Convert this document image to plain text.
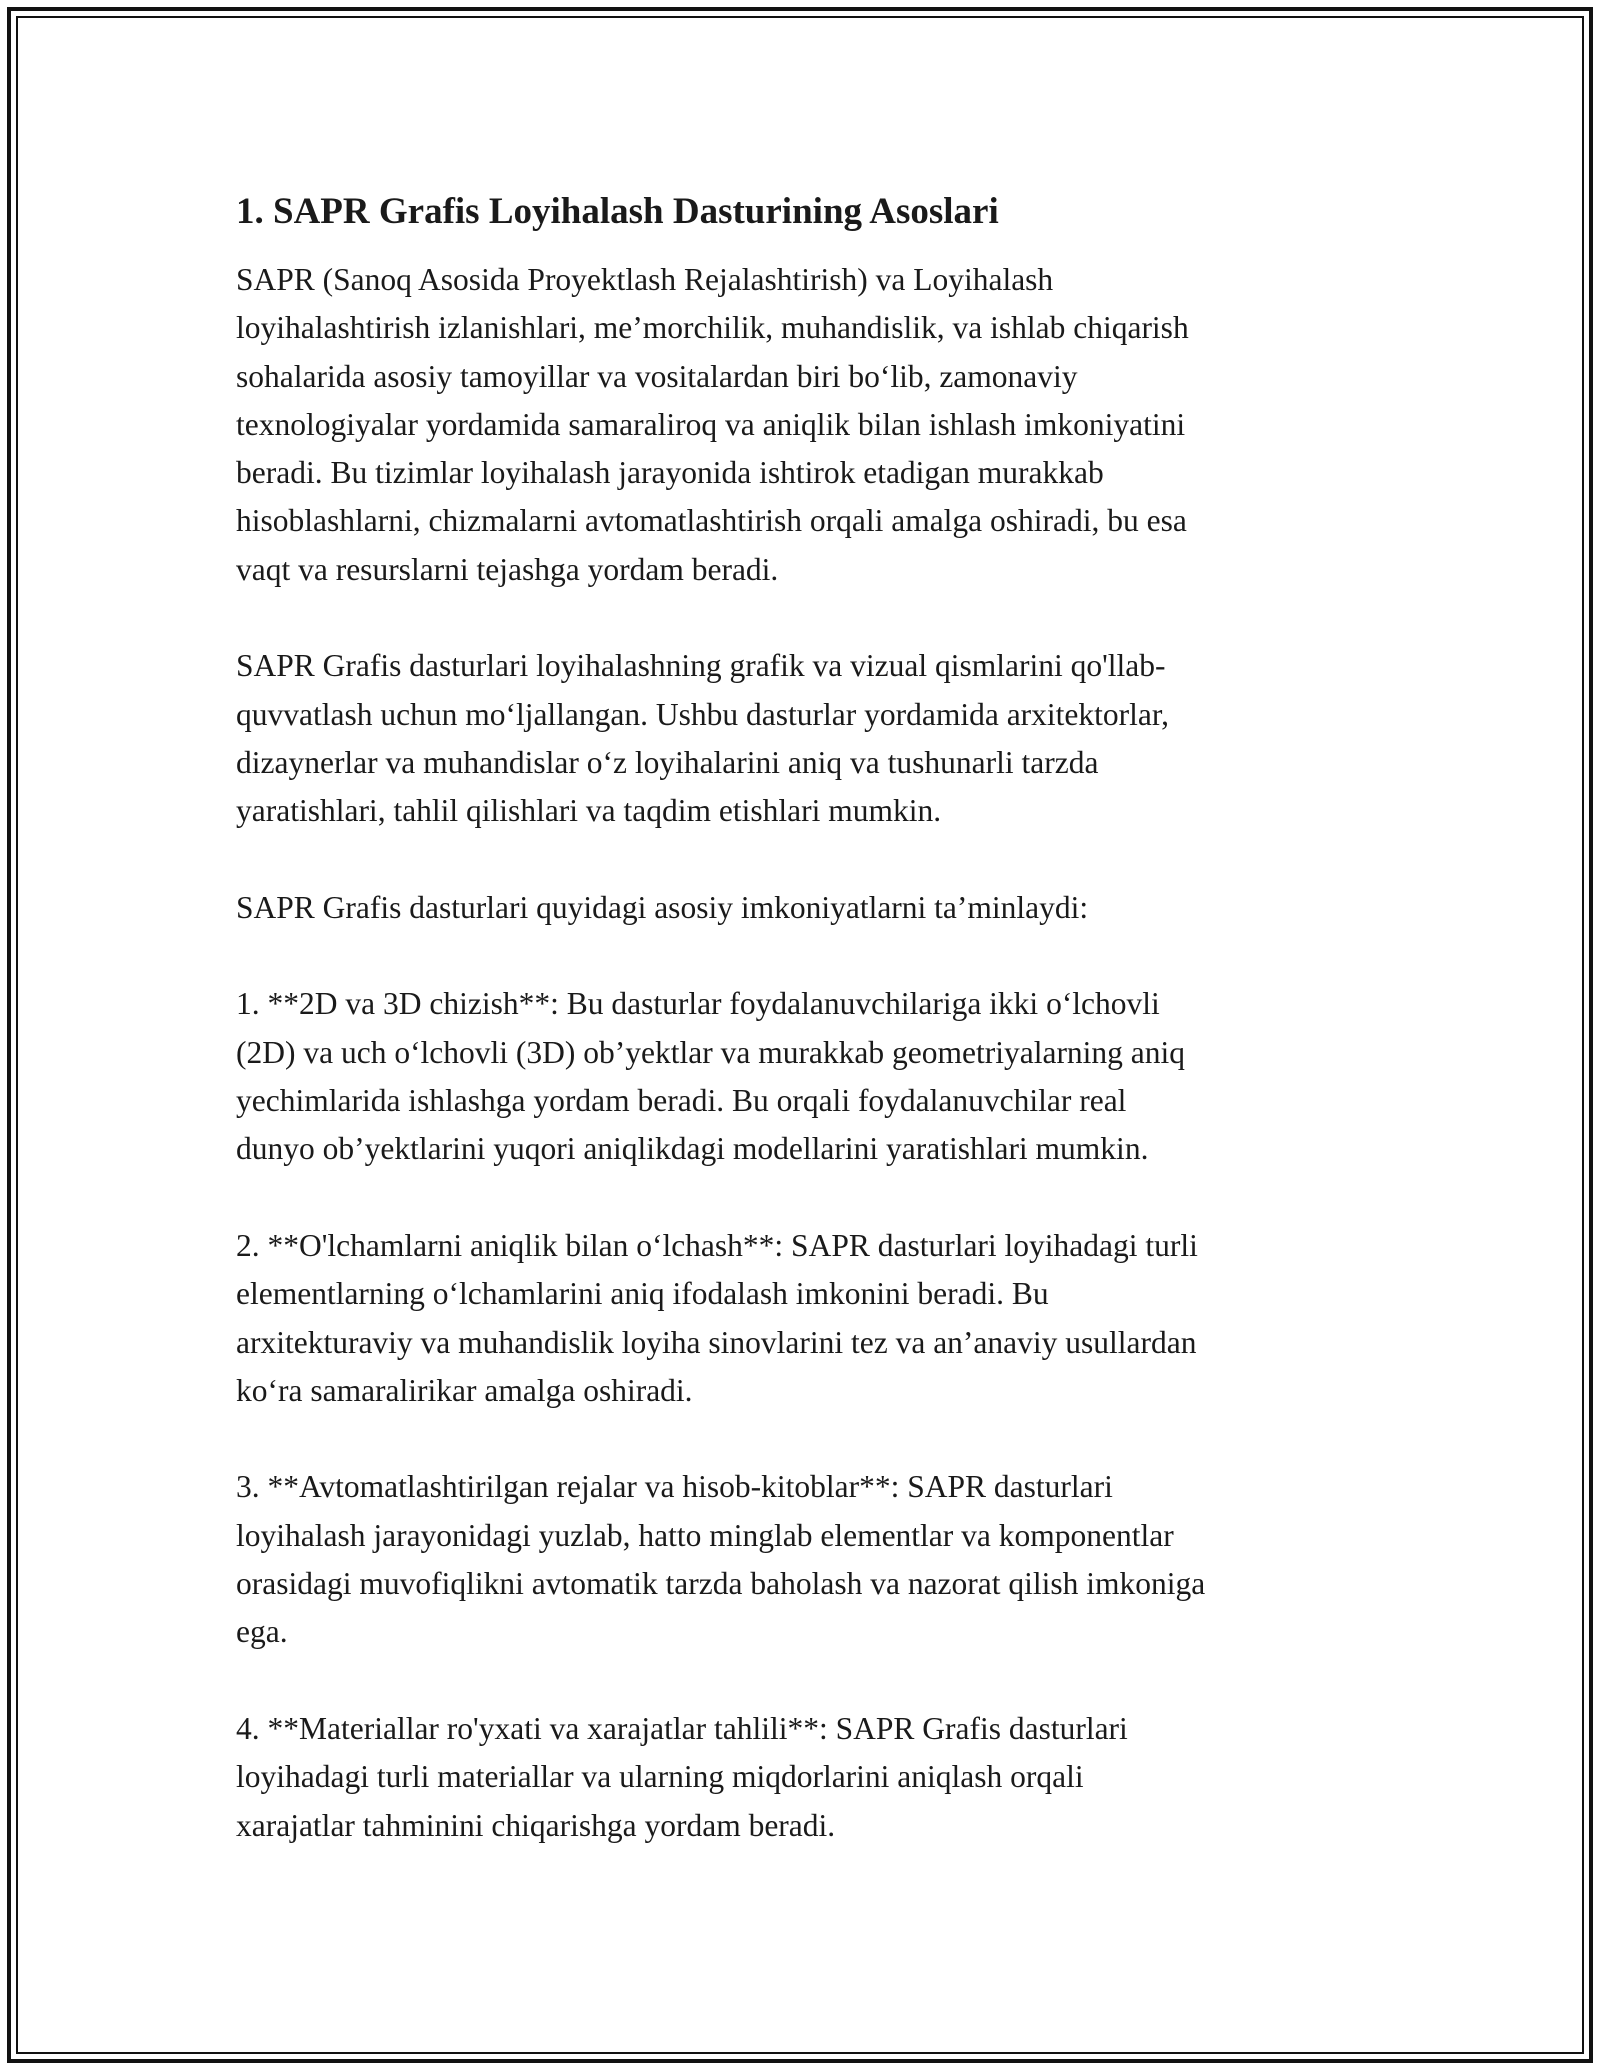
1. SAPR Grafis Loyihalash Dasturining Asoslari

SAPR (Sanoq Asosida Proyektlash Rejalashtirish) va Loyihalash
loyihalashtirish izlanishlari, me’morchilik, muhandislik, va ishlab chiqarish
sohalarida asosiy tamoyillar va vositalardan biri bo‘lib, zamonaviy
texnologiyalar yordamida samaraliroq va aniqlik bilan ishlash imkoniyatini
beradi. Bu tizimlar loyihalash jarayonida ishtirok etadigan murakkab
hisoblashlarni, chizmalarni avtomatlashtirish orqali amalga oshiradi, bu esa
vaqt va resurslarni tejashga yordam beradi.

SAPR Grafis dasturlari loyihalashning grafik va vizual qismlarini qo'llab-
quvvatlash uchun mo‘ljallangan. Ushbu dasturlar yordamida arxitektorlar,
dizaynerlar va muhandislar o‘z loyihalarini aniq va tushunarli tarzda
yaratishlari, tahlil qilishlari va taqdim etishlari mumkin.

SAPR Grafis dasturlari quyidagi asosiy imkoniyatlarni ta’minlaydi:

1. **2D va 3D chizish**: Bu dasturlar foydalanuvchilariga ikki o‘lchovli
(2D) va uch o‘lchovli (3D) ob’yektlar va murakkab geometriyalarning aniq
yechimlarida ishlashga yordam beradi. Bu orqali foydalanuvchilar real
dunyo ob’yektlarini yuqori aniqlikdagi modellarini yaratishlari mumkin.

2. **O'lchamlarni aniqlik bilan o‘lchash**: SAPR dasturlari loyihadagi turli
elementlarning o‘lchamlarini aniq ifodalash imkonini beradi. Bu
arxitekturaviy va muhandislik loyiha sinovlarini tez va an’anaviy usullardan
ko‘ra samaralirikar amalga oshiradi.

3. **Avtomatlashtirilgan rejalar va hisob-kitoblar**: SAPR dasturlari
loyihalash jarayonidagi yuzlab, hatto minglab elementlar va komponentlar
orasidagi muvofiqlikni avtomatik tarzda baholash va nazorat qilish imkoniga
ega.

4. **Materiallar ro'yxati va xarajatlar tahlili**: SAPR Grafis dasturlari
loyihadagi turli materiallar va ularning miqdorlarini aniqlash orqali
xarajatlar tahminini chiqarishga yordam beradi.
